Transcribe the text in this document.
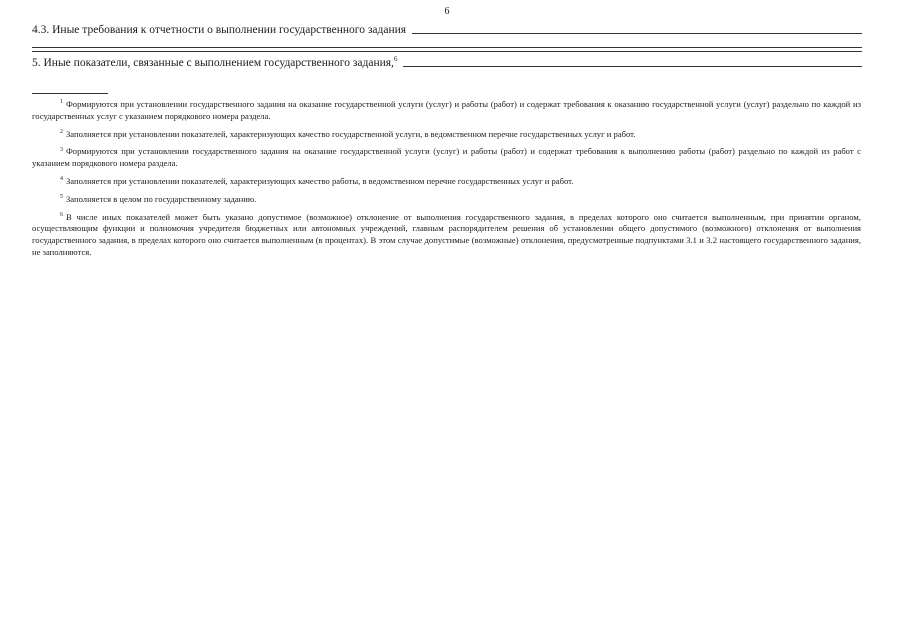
6
4.3. Иные требования к отчетности о выполнении государственного задания
5. Иные показатели, связанные с выполнением государственного задания,$^6$

$^1$ Формируются при установлении государственного задания на оказание государственной услуги (услуг) и работы (работ) и содержат требования к оказанию государственной услуги (услуг) раздельно по каждой из государственных услуг с указанием порядкового номера раздела.

$^2$ Заполняется при установлении показателей, характеризующих качество государственной услуги, в ведомственном перечне государственных услуг и работ.

$^3$ Формируются при установлении государственного задания на оказание государственной услуги (услуг) и работы (работ) и содержат требования к выполнению работы (работ) раздельно по каждой из работ с указанием порядкового номера раздела.

$^4$ Заполняется при установлении показателей, характеризующих качество работы, в ведомственном перечне государственных услуг и работ.

$^5$ Заполняется в целом по государственному заданию.

$^6$ В числе иных показателей может быть указано допустимое (возможное) отклонение от выполнения государственного задания, в пределах которого оно считается выполненным, при принятии органом, осуществляющим функции и полномочия учредителя бюджетных или автономных учреждений, главным распорядителем решения об установлении общего допустимого (возможного) отклонения от выполнения государственного задания, в пределах которого оно считается выполненным (в процентах). В этом случае допустимые (возможные) отклонения, предусмотренные подпунктами 3.1 и 3.2 настоящего государственного задания, не заполняются.
